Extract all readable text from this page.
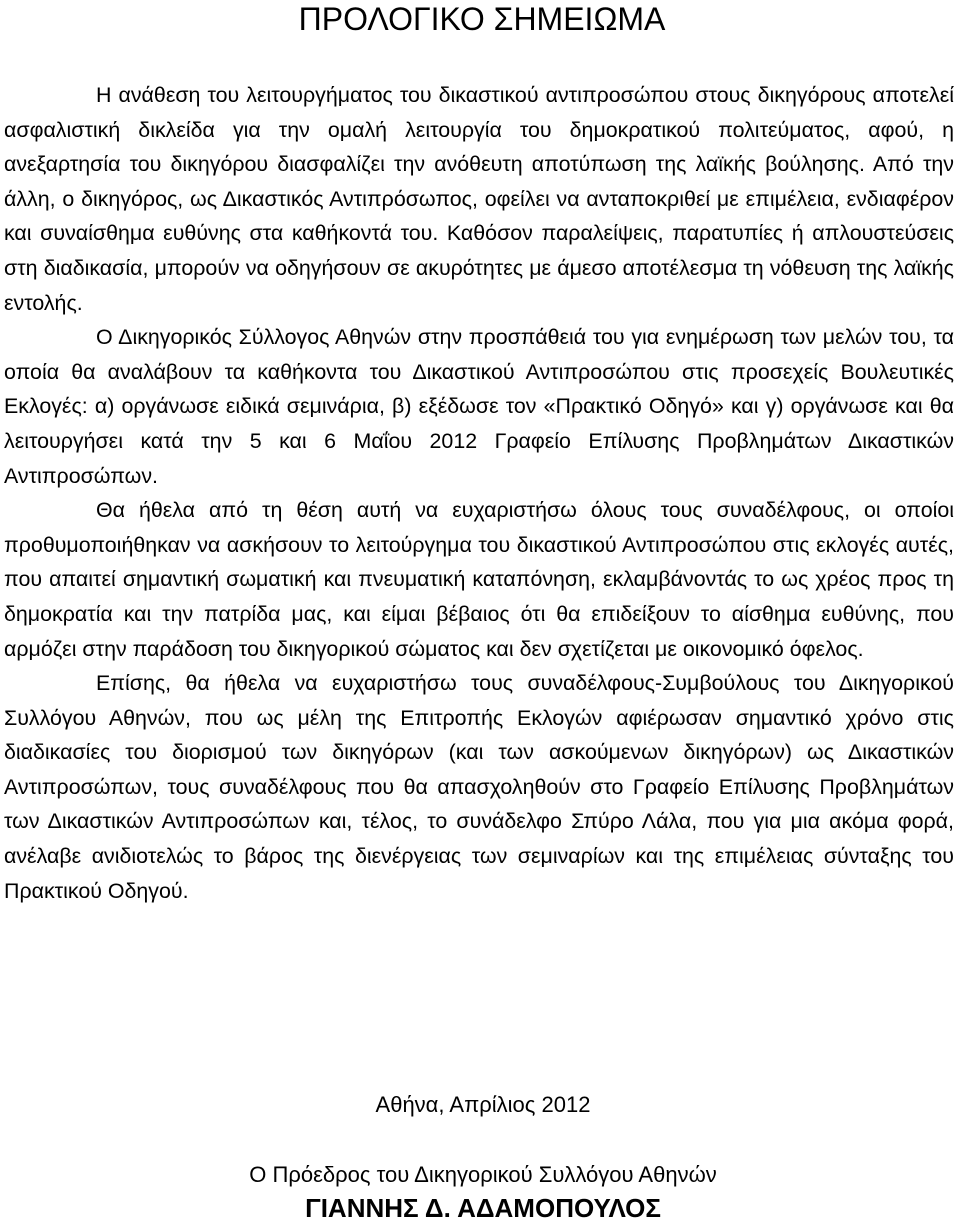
ΠΡΟΛΟΓΙΚΟ ΣΗΜΕΙΩΜΑ

Η ανάθεση του λειτουργήματος του δικαστικού αντιπροσώπου στους δικηγόρους αποτελεί ασφαλιστική δικλείδα για την ομαλή λειτουργία του δημοκρατικού πολιτεύματος, αφού, η ανεξαρτησία του δικηγόρου διασφαλίζει την ανόθευτη αποτύπωση της λαϊκής βούλησης. Από την άλλη, ο δικηγόρος, ως Δικαστικός Αντιπρόσωπος, οφείλει να ανταποκριθεί με επιμέλεια, ενδιαφέρον και συναίσθημα ευθύνης στα καθήκοντά του. Καθόσον παραλείψεις, παρατυπίες ή απλουστεύσεις στη διαδικασία, μπορούν να οδηγήσουν σε ακυρότητες με άμεσο αποτέλεσμα τη νόθευση της λαϊκής εντολής.

Ο Δικηγορικός Σύλλογος Αθηνών στην προσπάθειά του για ενημέρωση των μελών του, τα οποία θα αναλάβουν τα καθήκοντα του Δικαστικού Αντιπροσώπου στις προσεχείς Βουλευτικές Εκλογές: α) οργάνωσε ειδικά σεμινάρια, β) εξέδωσε τον «Πρακτικό Οδηγό» και γ) οργάνωσε και θα λειτουργήσει κατά την 5 και 6 Μαΐου 2012 Γραφείο Επίλυσης Προβλημάτων Δικαστικών Αντιπροσώπων.

Θα ήθελα από τη θέση αυτή να ευχαριστήσω όλους τους συναδέλφους, οι οποίοι προθυμοποιήθηκαν να ασκήσουν το λειτούργημα του δικαστικού Αντιπροσώπου στις εκλογές αυτές, που απαιτεί σημαντική σωματική και πνευματική καταπόνηση, εκλαμβάνοντάς το ως χρέος προς τη δημοκρατία και την πατρίδα μας, και είμαι βέβαιος ότι θα επιδείξουν το αίσθημα ευθύνης, που αρμόζει στην παράδοση του δικηγορικού σώματος και δεν σχετίζεται με οικονομικό όφελος.

Επίσης, θα ήθελα να ευχαριστήσω τους συναδέλφους-Συμβούλους του Δικηγορικού Συλλόγου Αθηνών, που ως μέλη της Επιτροπής Εκλογών αφιέρωσαν σημαντικό χρόνο στις διαδικασίες του διορισμού των δικηγόρων (και των ασκούμενων δικηγόρων) ως Δικαστικών Αντιπροσώπων, τους συναδέλφους που θα απασχοληθούν στο Γραφείο Επίλυσης Προβλημάτων των Δικαστικών Αντιπροσώπων και, τέλος, το συνάδελφο Σπύρο Λάλα, που για μια ακόμα φορά, ανέλαβε ανιδιοτελώς το βάρος της διενέργειας των σεμιναρίων και της επιμέλειας σύνταξης του Πρακτικού Οδηγού.

Αθήνα, Απρίλιος 2012
Ο Πρόεδρος του Δικηγορικού Συλλόγου Αθηνών
ΓΙΑΝΝΗΣ Δ. ΑΔΑΜΟΠΟΥΛΟΣ
